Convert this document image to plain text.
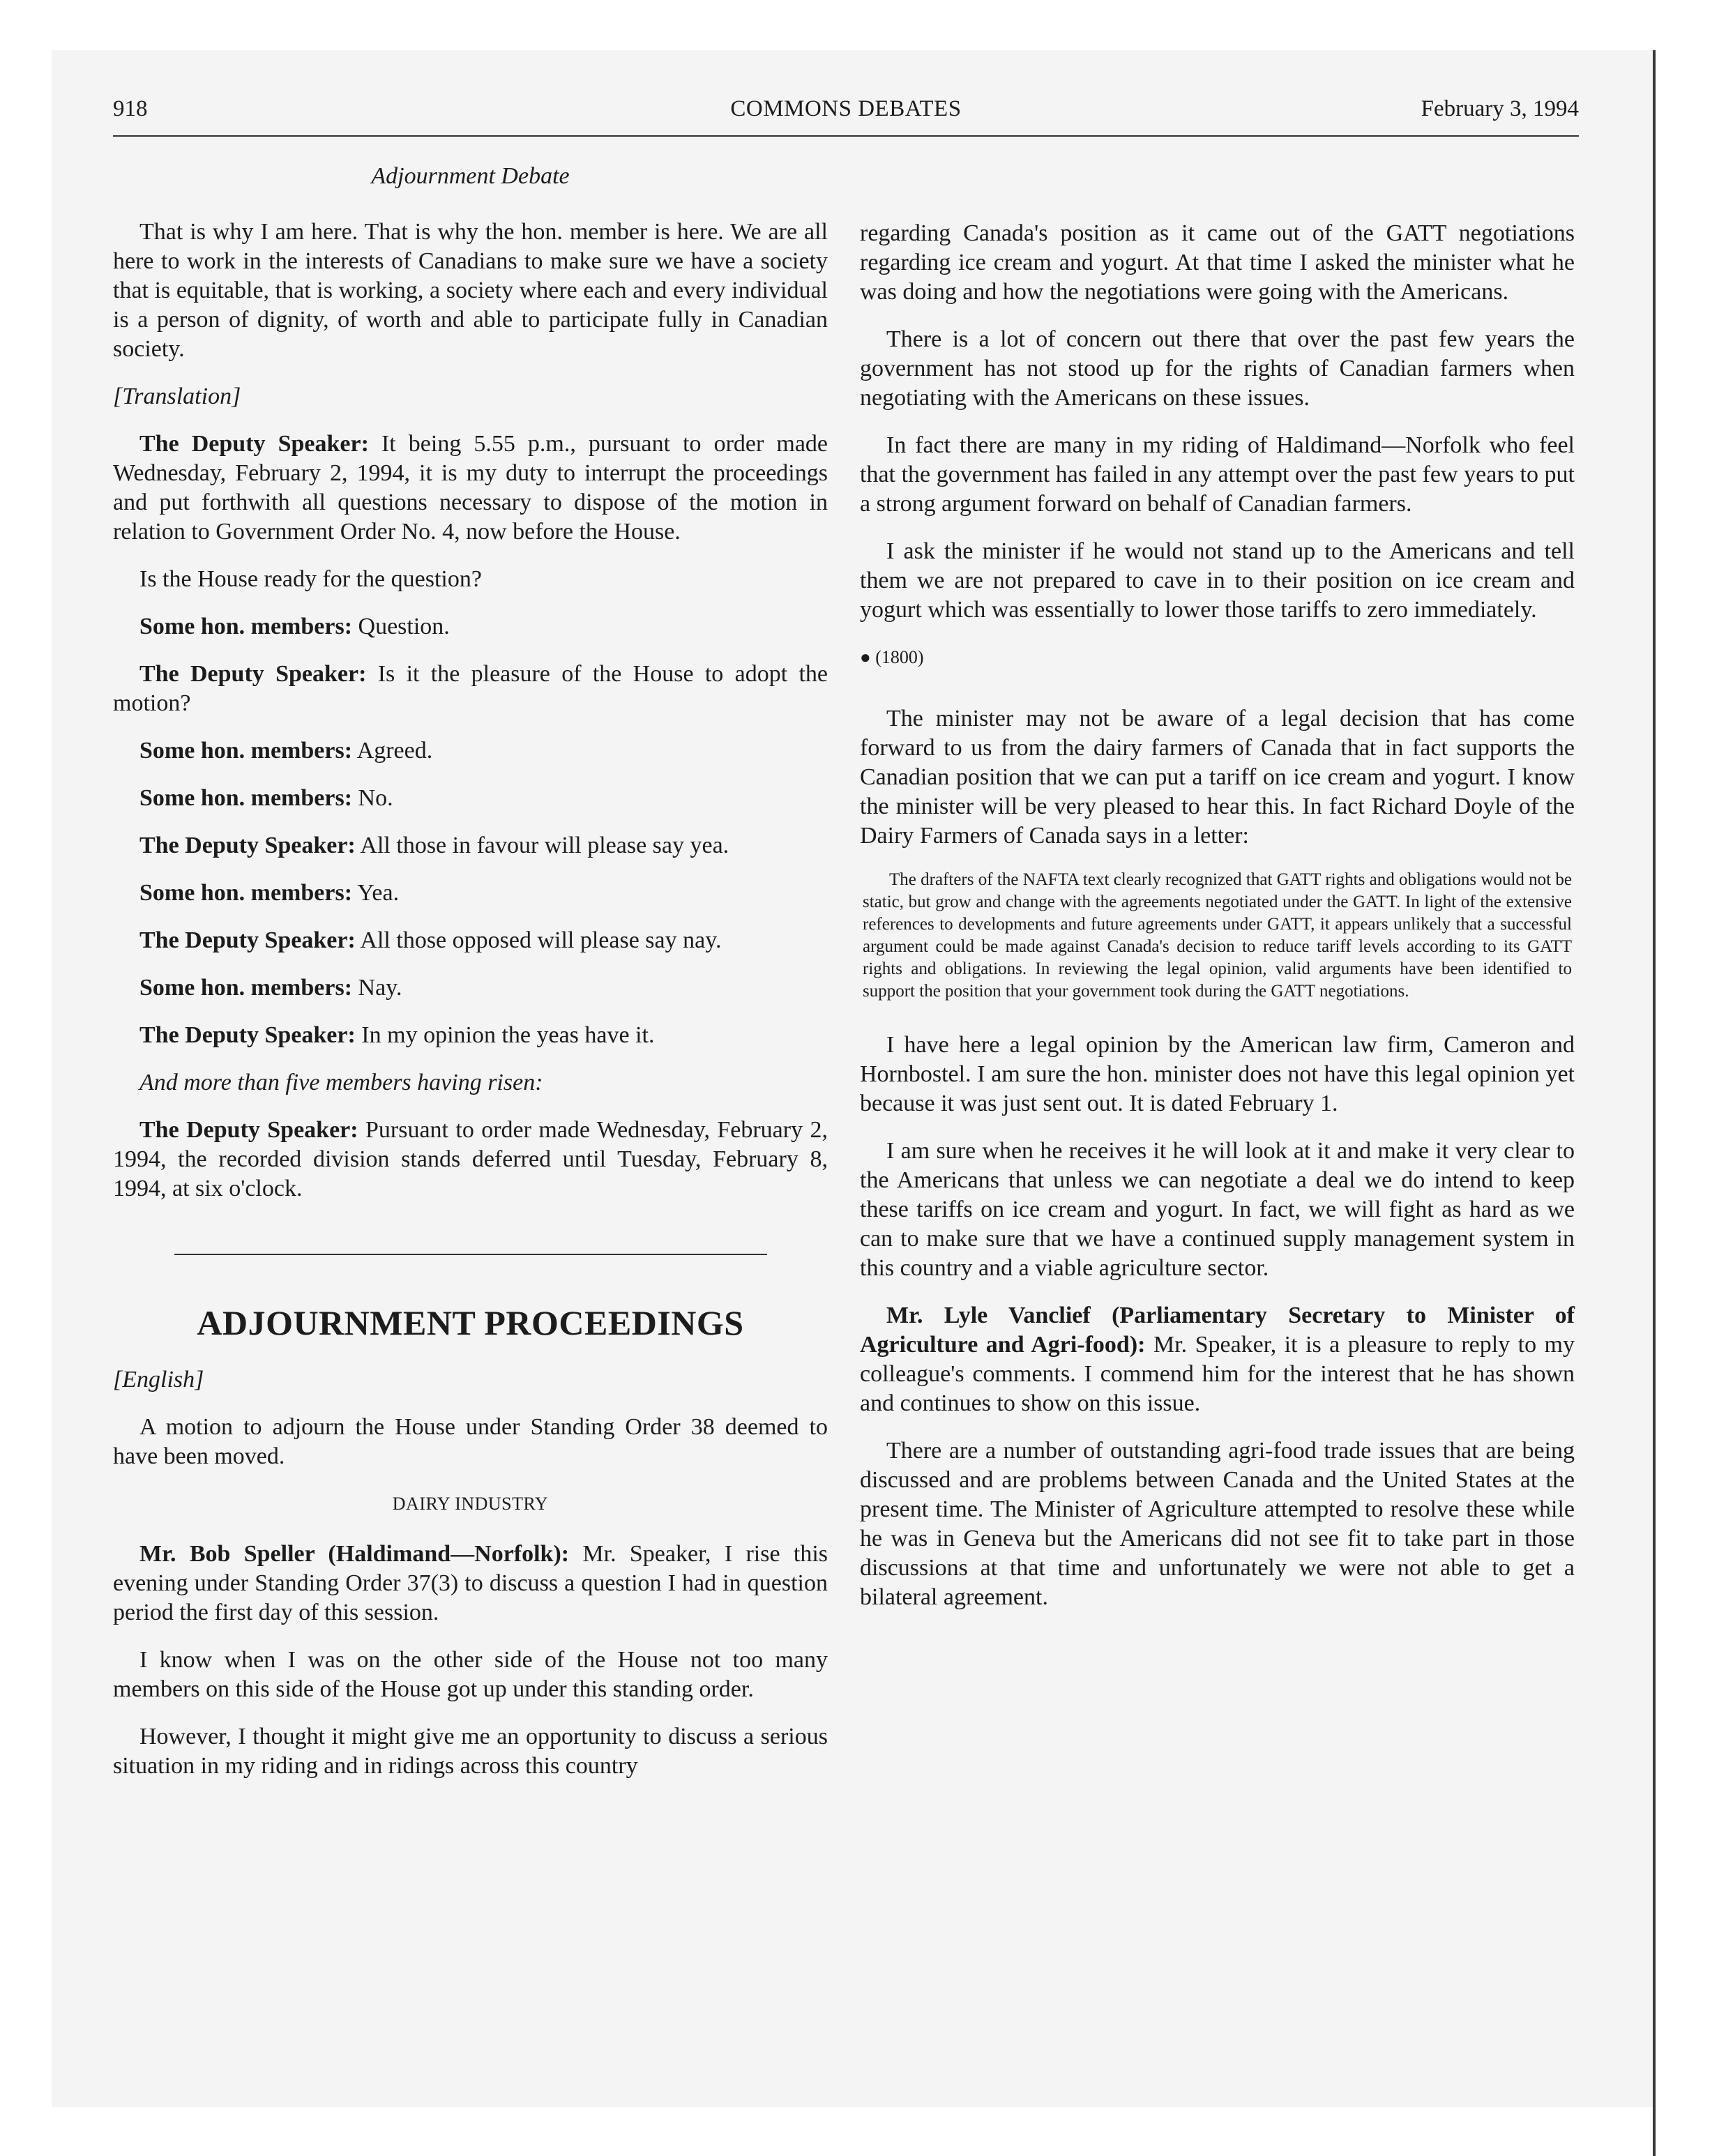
918	COMMONS DEBATES	February 3, 1994
Adjournment Debate

That is why I am here. That is why the hon. member is here. We are all here to work in the interests of Canadians to make sure we have a society that is equitable, that is working, a society where each and every individual is a person of dignity, of worth and able to participate fully in Canadian society.

[Translation]

The Deputy Speaker: It being 5.55 p.m., pursuant to order made Wednesday, February 2, 1994, it is my duty to interrupt the proceedings and put forthwith all questions necessary to dispose of the motion in relation to Government Order No. 4, now before the House.

Is the House ready for the question?

Some hon. members: Question.

The Deputy Speaker: Is it the pleasure of the House to adopt the motion?

Some hon. members: Agreed.

Some hon. members: No.

The Deputy Speaker: All those in favour will please say yea.

Some hon. members: Yea.

The Deputy Speaker: All those opposed will please say nay.

Some hon. members: Nay.

The Deputy Speaker: In my opinion the yeas have it.

And more than five members having risen:

The Deputy Speaker: Pursuant to order made Wednesday, February 2, 1994, the recorded division stands deferred until Tuesday, February 8, 1994, at six o'clock.

ADJOURNMENT PROCEEDINGS

[English]

A motion to adjourn the House under Standing Order 38 deemed to have been moved.

DAIRY INDUSTRY

Mr. Bob Speller (Haldimand—Norfolk): Mr. Speaker, I rise this evening under Standing Order 37(3) to discuss a question I had in question period the first day of this session.

I know when I was on the other side of the House not too many members on this side of the House got up under this standing order.

However, I thought it might give me an opportunity to discuss a serious situation in my riding and in ridings across this country

regarding Canada's position as it came out of the GATT negotiations regarding ice cream and yogurt. At that time I asked the minister what he was doing and how the negotiations were going with the Americans.

There is a lot of concern out there that over the past few years the government has not stood up for the rights of Canadian farmers when negotiating with the Americans on these issues.

In fact there are many in my riding of Haldimand—Norfolk who feel that the government has failed in any attempt over the past few years to put a strong argument forward on behalf of Canadian farmers.

I ask the minister if he would not stand up to the Americans and tell them we are not prepared to cave in to their position on ice cream and yogurt which was essentially to lower those tariffs to zero immediately.

● (1800)

The minister may not be aware of a legal decision that has come forward to us from the dairy farmers of Canada that in fact supports the Canadian position that we can put a tariff on ice cream and yogurt. I know the minister will be very pleased to hear this. In fact Richard Doyle of the Dairy Farmers of Canada says in a letter:

The drafters of the NAFTA text clearly recognized that GATT rights and obligations would not be static, but grow and change with the agreements negotiated under the GATT. In light of the extensive references to developments and future agreements under GATT, it appears unlikely that a successful argument could be made against Canada's decision to reduce tariff levels according to its GATT rights and obligations. In reviewing the legal opinion, valid arguments have been identified to support the position that your government took during the GATT negotiations.

I have here a legal opinion by the American law firm, Cameron and Hornbostel. I am sure the hon. minister does not have this legal opinion yet because it was just sent out. It is dated February 1.

I am sure when he receives it he will look at it and make it very clear to the Americans that unless we can negotiate a deal we do intend to keep these tariffs on ice cream and yogurt. In fact, we will fight as hard as we can to make sure that we have a continued supply management system in this country and a viable agriculture sector.

Mr. Lyle Vanclief (Parliamentary Secretary to Minister of Agriculture and Agri-food): Mr. Speaker, it is a pleasure to reply to my colleague's comments. I commend him for the interest that he has shown and continues to show on this issue.

There are a number of outstanding agri-food trade issues that are being discussed and are problems between Canada and the United States at the present time. The Minister of Agriculture attempted to resolve these while he was in Geneva but the Americans did not see fit to take part in those discussions at that time and unfortunately we were not able to get a bilateral agreement.
